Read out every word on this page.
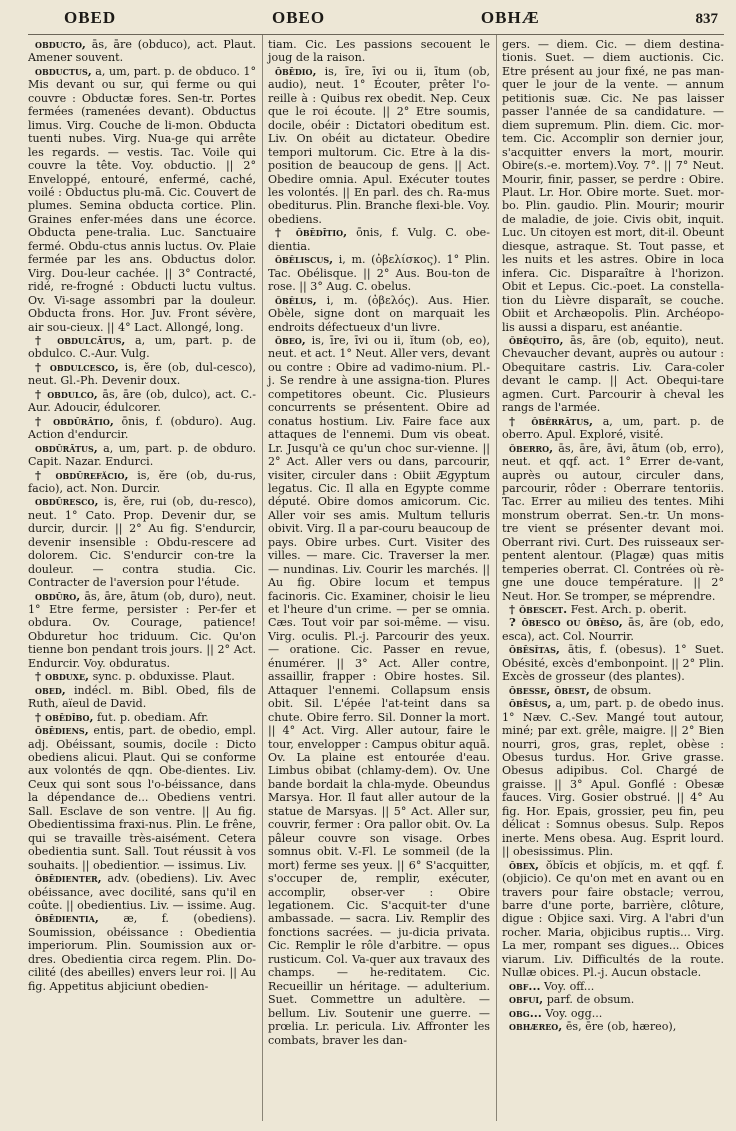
OBED	OBEO	OBHÆ	837

obducto, ās, āre (obduco), act. Plaut. Amener souvent.

obductus, a, um, part. p. de obduco. 1° Mis devant ou sur, qui ferme ou qui couvre : Obductæ fores. Sen-tr. Portes fermées (ramenées devant). Obductus limus. Virg. Couche de li-mon. Obducta tuenti nubes. Virg. Nua-ge qui arrête les regards. — vestis. Tac. Voile qui couvre la tête. Voy. obductio. || 2° Enveloppé, entouré, enfermé, caché, voilé : Obductus plu-mā. Cic. Couvert de plumes. Semina obducta cortice. Plin. Graines enfer-mées dans une écorce. Obducta pene-tralia. Luc. Sanctuaire fermé. Obdu-ctus annis luctus. Ov. Plaie fermée par les ans. Obductus dolor. Virg. Dou-leur cachée. || 3° Contracté, ridé, re-frogné : Obducti luctu vultus. Ov. Vi-sage assombri par la douleur. Obducta frons. Hor. Juv. Front sévère, air sou-cieux. || 4° Lact. Allongé, long.

† obdulcātus, a, um, part. p. de obdulco. C.-Aur. Vulg.

† obdulcesco, is, ĕre (ob, dul-cesco), neut. Gl.-Ph. Devenir doux.

† obdulco, ās, āre (ob, dulco), act. C.-Aur. Adoucir, édulcorer.

† obdūrātio, ōnis, f. (obduro). Aug. Action d'endurcir.

obdūrātus, a, um, part. p. de obduro. Capit. Nazar. Endurci.

† obdūrefăcio, is, ĕre (ob, du-rus, facio), act. Non. Durcir.

obdūresco, is, ĕre, rui (ob, du-resco), neut. 1° Cato. Prop. Devenir dur, se durcir, durcir. || 2° Au fig. S'endurcir, devenir insensible : Obdu-rescere ad dolorem. Cic. S'endurcir con-tre la douleur. — contra studia. Cic. Contracter de l'aversion pour l'étude.

obdūro, ās, āre, ātum (ob, duro), neut. 1° Etre ferme, persister : Per-fer et obdura. Ov. Courage, patience! Obduretur hoc triduum. Cic. Qu'on tienne bon pendant trois jours. || 2° Act. Endurcir. Voy. obduratus.

† obduxe, sync. p. obduxisse. Plaut.

obed, indécl. m. Bibl. Obed, fils de Ruth, aïeul de David.

† obēdībo, fut. p. obediam. Afr.

ōbēdiens, entis, part. de obedio, empl. adj. Obéissant, soumis, docile : Dicto obediens alicui. Plaut. Qui se conforme aux volontés de qqn. Obe-dientes. Liv. Ceux qui sont sous l'o-béissance, dans la dépendance de... Obediens ventri. Sall. Esclave de son ventre. || Au fig. Obedientissima fraxi-nus. Plin. Le frêne, qui se travaille très-aisément. Cetera obedientia sunt. Sall. Tout réussit à vos souhaits. || obedientior. — issimus. Liv.

ōbēdienter, adv. (obediens). Liv. Avec obéissance, avec docilité, sans qu'il en coûte. || obedientius. Liv. — issime. Aug.

ōbēdientia, æ, f. (obediens). Soumission, obéissance : Obedientia imperiorum. Plin. Soumission aux or-dres. Obedientia circa regem. Plin. Do-cilité (des abeilles) envers leur roi. || Au fig. Appetitus abjiciunt obedien-

tiam. Cic. Les passions secouent le joug de la raison.

ōbēdio, is, īre, īvi ou ii, ītum (ob, audio), neut. 1° Écouter, prêter l'o-reille à : Quibus rex obedit. Nep. Ceux que le roi écoute. || 2° Etre soumis, docile, obéir : Dictatori obeditum est. Liv. On obéit au dictateur. Obedire tempori multorum. Cic. Etre à la dis-position de beaucoup de gens. || Act. Obedire omnia. Apul. Exécuter toutes les volontés. || En parl. des ch. Ra-mus obediturus. Plin. Branche flexi-ble. Voy. obediens.

† ōbēdītio, ōnis, f. Vulg. C. obe-dientia.

ŏbĕliscus, i, m. (ὀβελίσκος). 1° Plin. Tac. Obélisque. || 2° Aus. Bou-ton de rose. || 3° Aug. C. obelus.

ŏbĕlus, i, m. (ὀβελός). Aus. Hier. Obèle, signe dont on marquait les endroits défectueux d'un livre.

ŏbeo, is, īre, īvi ou ii, ĭtum (ob, eo), neut. et act. 1° Neut. Aller vers, devant ou contre : Obire ad vadimo-nium. Pl.-j. Se rendre à une assigna-tion. Plures competitores obeunt. Cic. Plusieurs concurrents se présentent. Obire ad conatus hostium. Liv. Faire face aux attaques de l'ennemi. Dum vis obeat. Lr. Jusqu'à ce qu'un choc sur-vienne. || 2° Act. Aller vers ou dans, parcourir, visiter, circuler dans : Obiit Ægyptum legatus. Cic. Il alla en Egypte comme député. Obire domos amicorum. Cic. Aller voir ses amis. Multum telluris obivit. Virg. Il a par-couru beaucoup de pays. Obire urbes. Curt. Visiter des villes. — mare. Cic. Traverser la mer. — nundinas. Liv. Courir les marchés. || Au fig. Obire locum et tempus facinoris. Cic. Examiner, choisir le lieu et l'heure d'un crime. — per se omnia. Cæs. Tout voir par soi-même. — visu. Virg. oculis. Pl.-j. Parcourir des yeux. — oratione. Cic. Passer en revue, énumérer. || 3° Act. Aller contre, assaillir, frapper : Obire hostes. Sil. Attaquer l'ennemi. Collapsum ensis obit. Sil. L'épée l'at-teint dans sa chute. Obire ferro. Sil. Donner la mort. || 4° Act. Virg. Aller autour, faire le tour, envelopper : Campus obitur aquā. Ov. La plaine est entourée d'eau. Limbus obibat (chlamy-dem). Ov. Une bande bordait la chla-myde. Obeundus Marsya. Hor. Il faut aller autour de la statue de Marsyas. || 5° Act. Aller sur, couvrir, fermer : Ora pallor obit. Ov. La pâleur couvre son visage. Orbes somnus obit. V.-Fl. Le sommeil (de la mort) ferme ses yeux. || 6° S'acquitter, s'occuper de, remplir, exécuter, accomplir, obser-ver : Obire legationem. Cic. S'acquit-ter d'une ambassade. — sacra. Liv. Remplir des fonctions sacrées. — ju-dicia privata. Cic. Remplir le rôle d'arbitre. — opus rusticum. Col. Va-quer aux travaux des champs. — he-reditatem. Cic. Recueillir un héritage. — adulterium. Suet. Commettre un adultère. — bellum. Liv. Soutenir une guerre. — prœlia. Lr. pericula. Liv. Affronter les combats, braver les dan-

gers. — diem. Cic. — diem destina-tionis. Suet. — diem auctionis. Cic. Etre présent au jour fixé, ne pas man-quer le jour de la vente. — annum petitionis suæ. Cic. Ne pas laisser passer l'année de sa candidature. — diem supremum. Plin. diem. Cic. mor-tem. Cic. Accomplir son dernier jour, s'acquitter envers la mort, mourir. Obire(s.-e. mortem).Voy. 7°. || 7° Neut. Mourir, finir, passer, se perdre : Obire. Plaut. Lr. Hor. Obire morte. Suet. mor-bo. Plin. gaudio. Plin. Mourir; mourir de maladie, de joie. Civis obit, inquit. Luc. Un citoyen est mort, dit-il. Obeunt diesque, astraque. St. Tout passe, et les nuits et les astres. Obire in loca infera. Cic. Disparaître à l'horizon. Obit et Lepus. Cic.-poet. La constella-tion du Lièvre disparaît, se couche. Obiit et Archæopolis. Plin. Archéopo-lis aussi a disparu, est anéantie.

ŏbĕquĭto, ās, āre (ob, equito), neut. Chevaucher devant, auprès ou autour : Obequitare castris. Liv. Cara-coler devant le camp. || Act. Obequi-tare agmen. Curt. Parcourir à cheval les rangs de l'armée.

† ŏbĕrrātus, a, um, part. p. de oberro. Apul. Exploré, visité.

ŏberro, ās, āre, āvi, ātum (ob, erro), neut. et qqf. act. 1° Errer de-vant, auprès ou autour, circuler dans, parcourir, rôder : Oberrare tentoriis. Tac. Errer au milieu des tentes. Mihi monstrum oberrat. Sen.-tr. Un mons-tre vient se présenter devant moi. Oberrant rivi. Curt. Des ruisseaux ser-pentent alentour. (Plagæ) quas mitis temperies oberrat. Cl. Contrées où rè-gne une douce température. || 2° Neut. Hor. Se tromper, se méprendre.

† ŏbescet. Fest. Arch. p. oberit.

? ōbesco ou ōbēso, ās, āre (ob, edo, esca), act. Col. Nourrir.

ōbēsĭtas, ātis, f. (obesus). 1° Suet. Obésité, excès d'embonpoint. || 2° Plin. Excès de grosseur (des plantes).

ōbesse, ōbest, de obsum.

ōbēsus, a, um, part. p. de obedo inus. 1° Næv. C.-Sev. Mangé tout autour, miné; par ext. grêle, maigre. || 2° Bien nourri, gros, gras, replet, obèse : Obesus turdus. Hor. Grive grasse. Obesus adipibus. Col. Chargé de graisse. || 3° Apul. Gonflé : Obesæ fauces. Virg. Gosier obstrué. || 4° Au fig. Hor. Epais, grossier, peu fin, peu délicat : Somnus obesus. Sulp. Repos inerte. Mens obesa. Aug. Esprit lourd. || obesissimus. Plin.

ōbex, ŏbĭcis et objĭcis, m. et qqf. f. (objicio). Ce qu'on met en avant ou en travers pour faire obstacle; verrou, barre d'une porte, barrière, clôture, digue : Objice saxi. Virg. A l'abri d'un rocher. Maria, objicibus ruptis... Virg. La mer, rompant ses digues... Obices viarum. Liv. Difficultés de la route. Nullæ obices. Pl.-j. Aucun obstacle.

obf... Voy. off...

obfui, parf. de obsum.

obg... Voy. ogg...

obhæreo, ēs, ēre (ob, hæreo),
